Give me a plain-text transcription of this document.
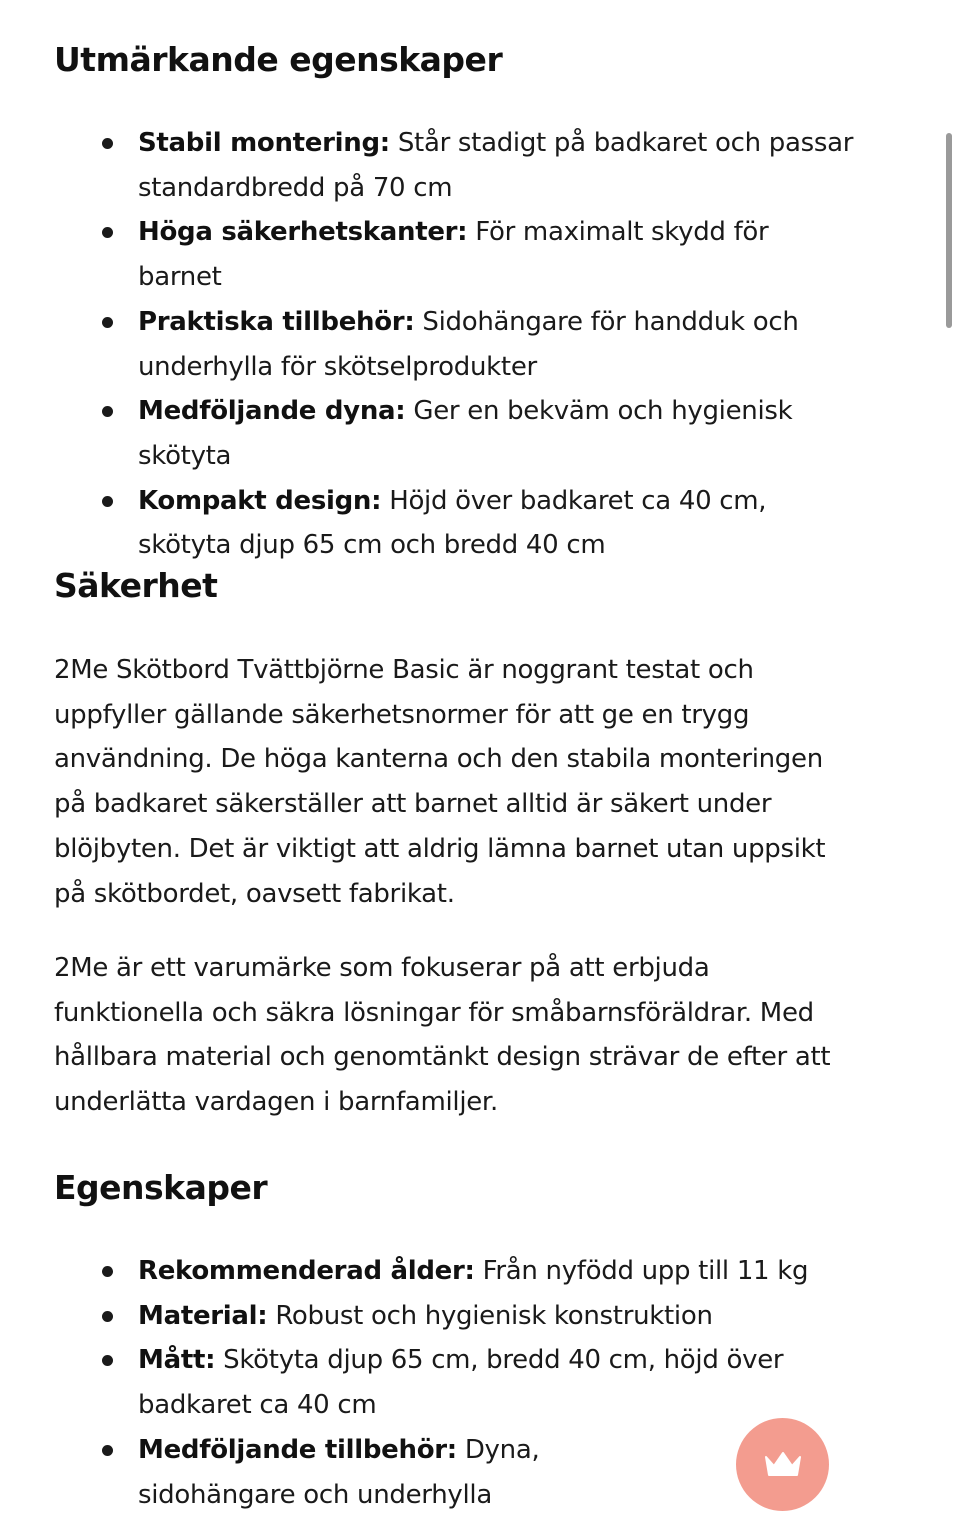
Utmärkande egenskaper
Stabil montering: Står stadigt på badkaret och passar standardbredd på 70 cm
Höga säkerhetskanter: För maximalt skydd för barnet
Praktiska tillbehör: Sidohängare för handduk och underhylla för skötselprodukter
Medföljande dyna: Ger en bekväm och hygienisk skötyta
Kompakt design: Höjd över badkaret ca 40 cm, skötyta djup 65 cm och bredd 40 cm
Säkerhet

2Me Skötbord Tvättbjörne Basic är noggrant testat och uppfyller gällande säkerhetsnormer för att ge en trygg användning. De höga kanterna och den stabila monteringen på badkaret säkerställer att barnet alltid är säkert under blöjbyten. Det är viktigt att aldrig lämna barnet utan uppsikt på skötbordet, oavsett fabrikat.

2Me är ett varumärke som fokuserar på att erbjuda funktionella och säkra lösningar för småbarnsföräldrar. Med hållbara material och genomtänkt design strävar de efter att underlätta vardagen i barnfamiljer.

Egenskaper
Rekommenderad ålder: Från nyfödd upp till 11 kg
Material: Robust och hygienisk konstruktion
Mått: Skötyta djup 65 cm, bredd 40 cm, höjd över badkaret ca 40 cm
Medföljande tillbehör: Dyna, sidohängare och underhylla
